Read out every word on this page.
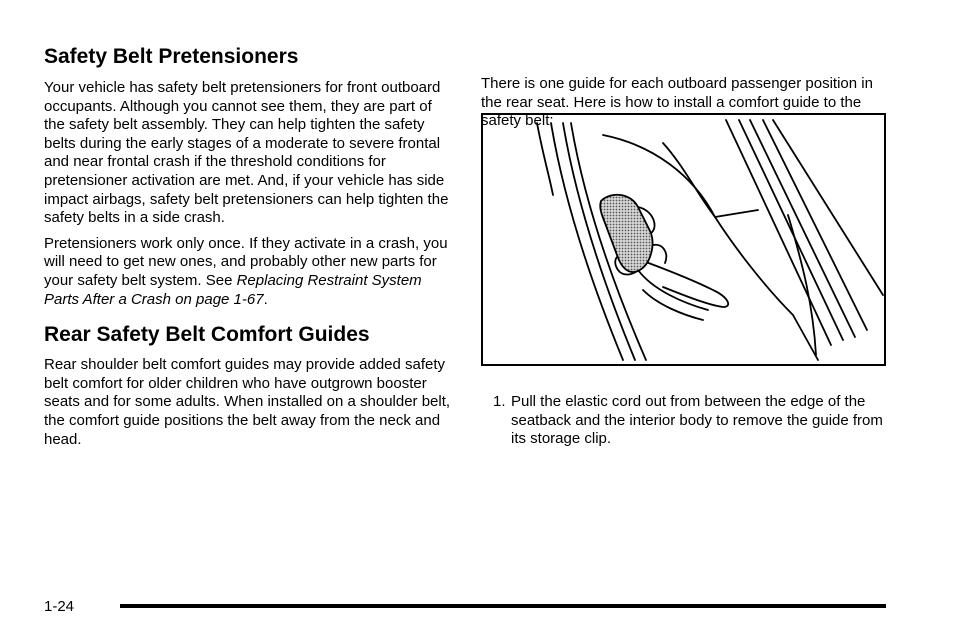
Safety Belt Pretensioners

Your vehicle has safety belt pretensioners for front outboard occupants. Although you cannot see them, they are part of the safety belt assembly. They can help tighten the safety belts during the early stages of a moderate to severe frontal and near frontal crash if the threshold conditions for pretensioner activation are met. And, if your vehicle has side impact airbags, safety belt pretensioners can help tighten the safety belts in a side crash.

Pretensioners work only once. If they activate in a crash, you will need to get new ones, and probably other new parts for your safety belt system. See Replacing Restraint System Parts After a Crash on page 1-67.

Rear Safety Belt Comfort Guides

Rear shoulder belt comfort guides may provide added safety belt comfort for older children who have outgrown booster seats and for some adults. When installed on a shoulder belt, the comfort guide positions the belt away from the neck and head.

There is one guide for each outboard passenger position in the rear seat. Here is how to install a comfort guide to the safety belt:

1. Pull the elastic cord out from between the edge of the seatback and the interior body to remove the guide from its storage clip.

1-24
